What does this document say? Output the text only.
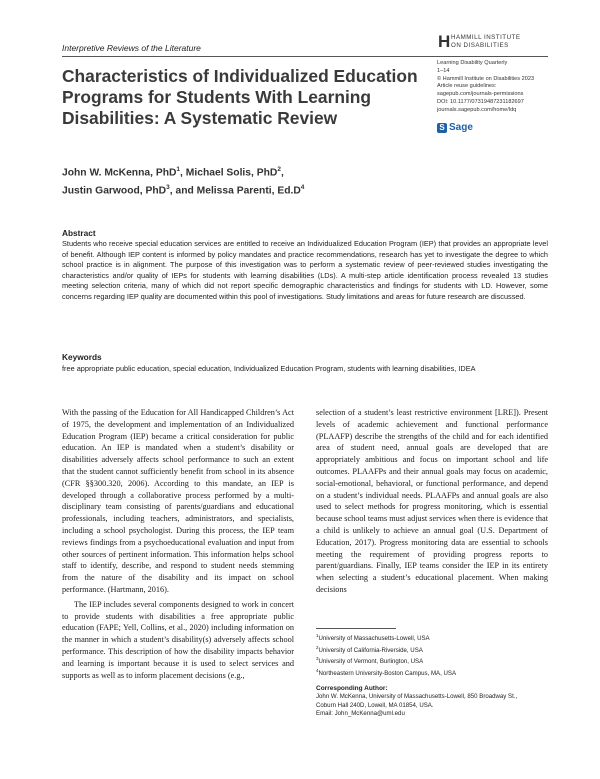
Interpretive Reviews of the Literature	H HAMMILL INSTITUTE
ON DISABILITIES
Learning Disability Quarterly
1–14
© Hammill Institute on Disabilities 2023
Article reuse guidelines:
sagepub.com/journals-permissions
DOI: 10.1177/07319487231182697
journals.sagepub.com/home/ldq
S Sage
Characteristics of Individualized Education Programs for Students With Learning Disabilities: A Systematic Review
John W. McKenna, PhD$^1$, Michael Solis, PhD$^2$,
Justin Garwood, PhD$^3$, and Melissa Parenti, $Ed.D^4$
Abstract

Students who receive special education services are entitled to receive an Individualized Education Program (IEP) that provides an appropriate level of benefit. Although IEP content is informed by policy mandates and practice recommendations, research has yet to investigate the degree to which school practice is in alignment. The purpose of this investigation was to perform a systematic review of peer-reviewed studies investigating the characteristics and/or quality of IEPs for students with learning disabilities (LDs). A multi-step article identification process revealed 13 studies meeting selection criteria, many of which did not report specific demographic characteristics and findings for students with LD. However, some concerns regarding IEP quality are documented within this pool of investigations. Study limitations and areas for future research are discussed.

Keywords

free appropriate public education, special education, Individualized Education Program, students with learning disabilities, IDEA

With the passing of the Education for All Handicapped Children’s Act of 1975, the development and implementation of an Individualized Education Program (IEP) became a critical consideration for public education. An IEP is mandated when a student’s disability or disabilities adversely affects school performance to such an extent that the student cannot sufficiently benefit from school in its absence (CFR §§300.320, 2006). According to this mandate, an IEP is developed through a collaborative process performed by a multi-disciplinary team consisting of parents/guardians and educational professionals, including teachers, administrators, and specialists, including a school psychologist. During this process, the IEP team reviews findings from a psychoeducational evaluation and input from other sources of pertinent information. This information helps school staff to identify, describe, and respond to student needs stemming from the nature of the disability and its impact on school performance. (Hartmann, 2016).

The IEP includes several components designed to work in concert to provide students with disabilities a free appropriate public education (FAPE; Yell, Collins, et al., 2020) including information on the manner in which a student’s disability(s) adversely affects school performance. This description of how the disability impacts behavior and learning is important because it is used to select services and supports as well as to inform placement decisions (e.g.,

selection of a student’s least restrictive environment [LRE]). Present levels of academic achievement and functional performance (PLAAFP) describe the strengths of the child and for each identified area of student need, annual goals are developed that are appropriately ambitious and focus on important school and life outcomes. PLAAFPs and their annual goals may focus on academic, social-emotional, behavioral, or functional performance, and depend on a student’s individual needs. PLAAFPs and annual goals are also used to select methods for progress monitoring, which is essential because school teams must adjust services when there is evidence that a child is unlikely to achieve an annual goal (U.S. Department of Education, 2017). Progress monitoring data are essential to schools meeting the requirement of providing progress reports to parent/guardians. Finally, IEP teams consider the IEP in its entirety when selecting a student’s educational placement. When making decisions

$^1$University of Massachusetts-Lowell, USA
$^2$University of California-Riverside, USA
$^3$University of Vermont, Burlington, USA
$^4$Northeastern University-Boston Campus, MA, USA
Corresponding Author:
John W. McKenna, University of Massachusetts-Lowell, 850 Broadway St.,
Coburn Hall 240D, Lowell, MA 01854, USA.
Email: John_McKenna@uml.edu
